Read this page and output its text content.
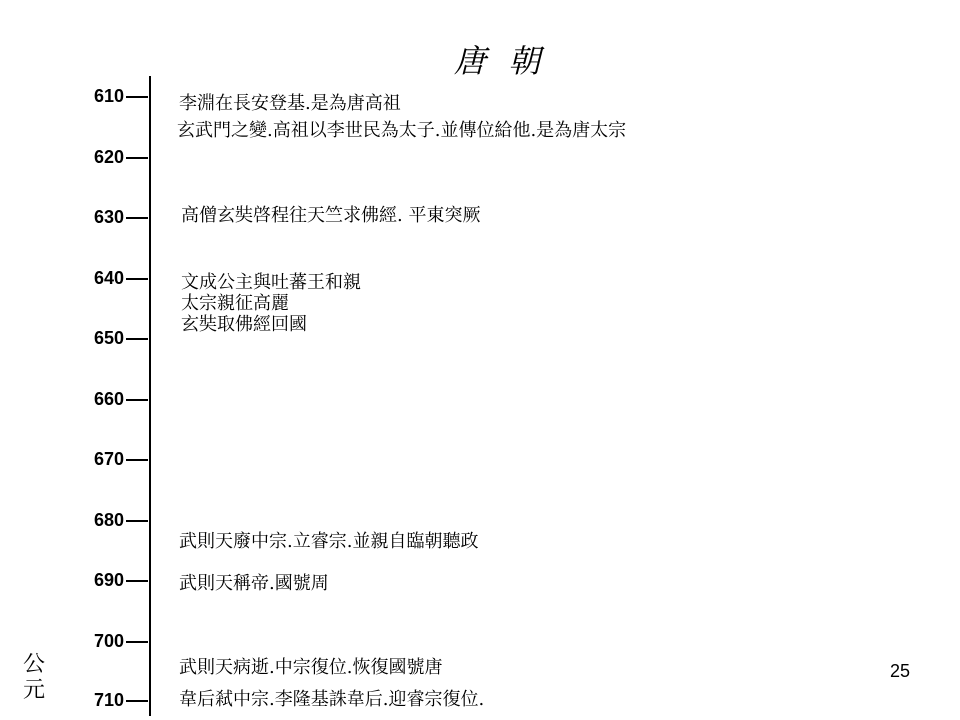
唐 朝
610
620
630
640
650
660
670
680
690
700
710
李淵在長安登基.是為唐高祖
玄武門之變.高祖以李世民為太子.並傳位給他.是為唐太宗
高僧玄奘啓程往天竺求佛經. 平東突厥
文成公主與吐蕃王和親
太宗親征高麗
玄奘取佛經回國
武則天廢中宗.立睿宗.並親自臨朝聽政
武則天稱帝.國號周
武則天病逝.中宗復位.恢復國號唐
韋后弒中宗.李隆基誅韋后.迎睿宗復位.
公
元
25
